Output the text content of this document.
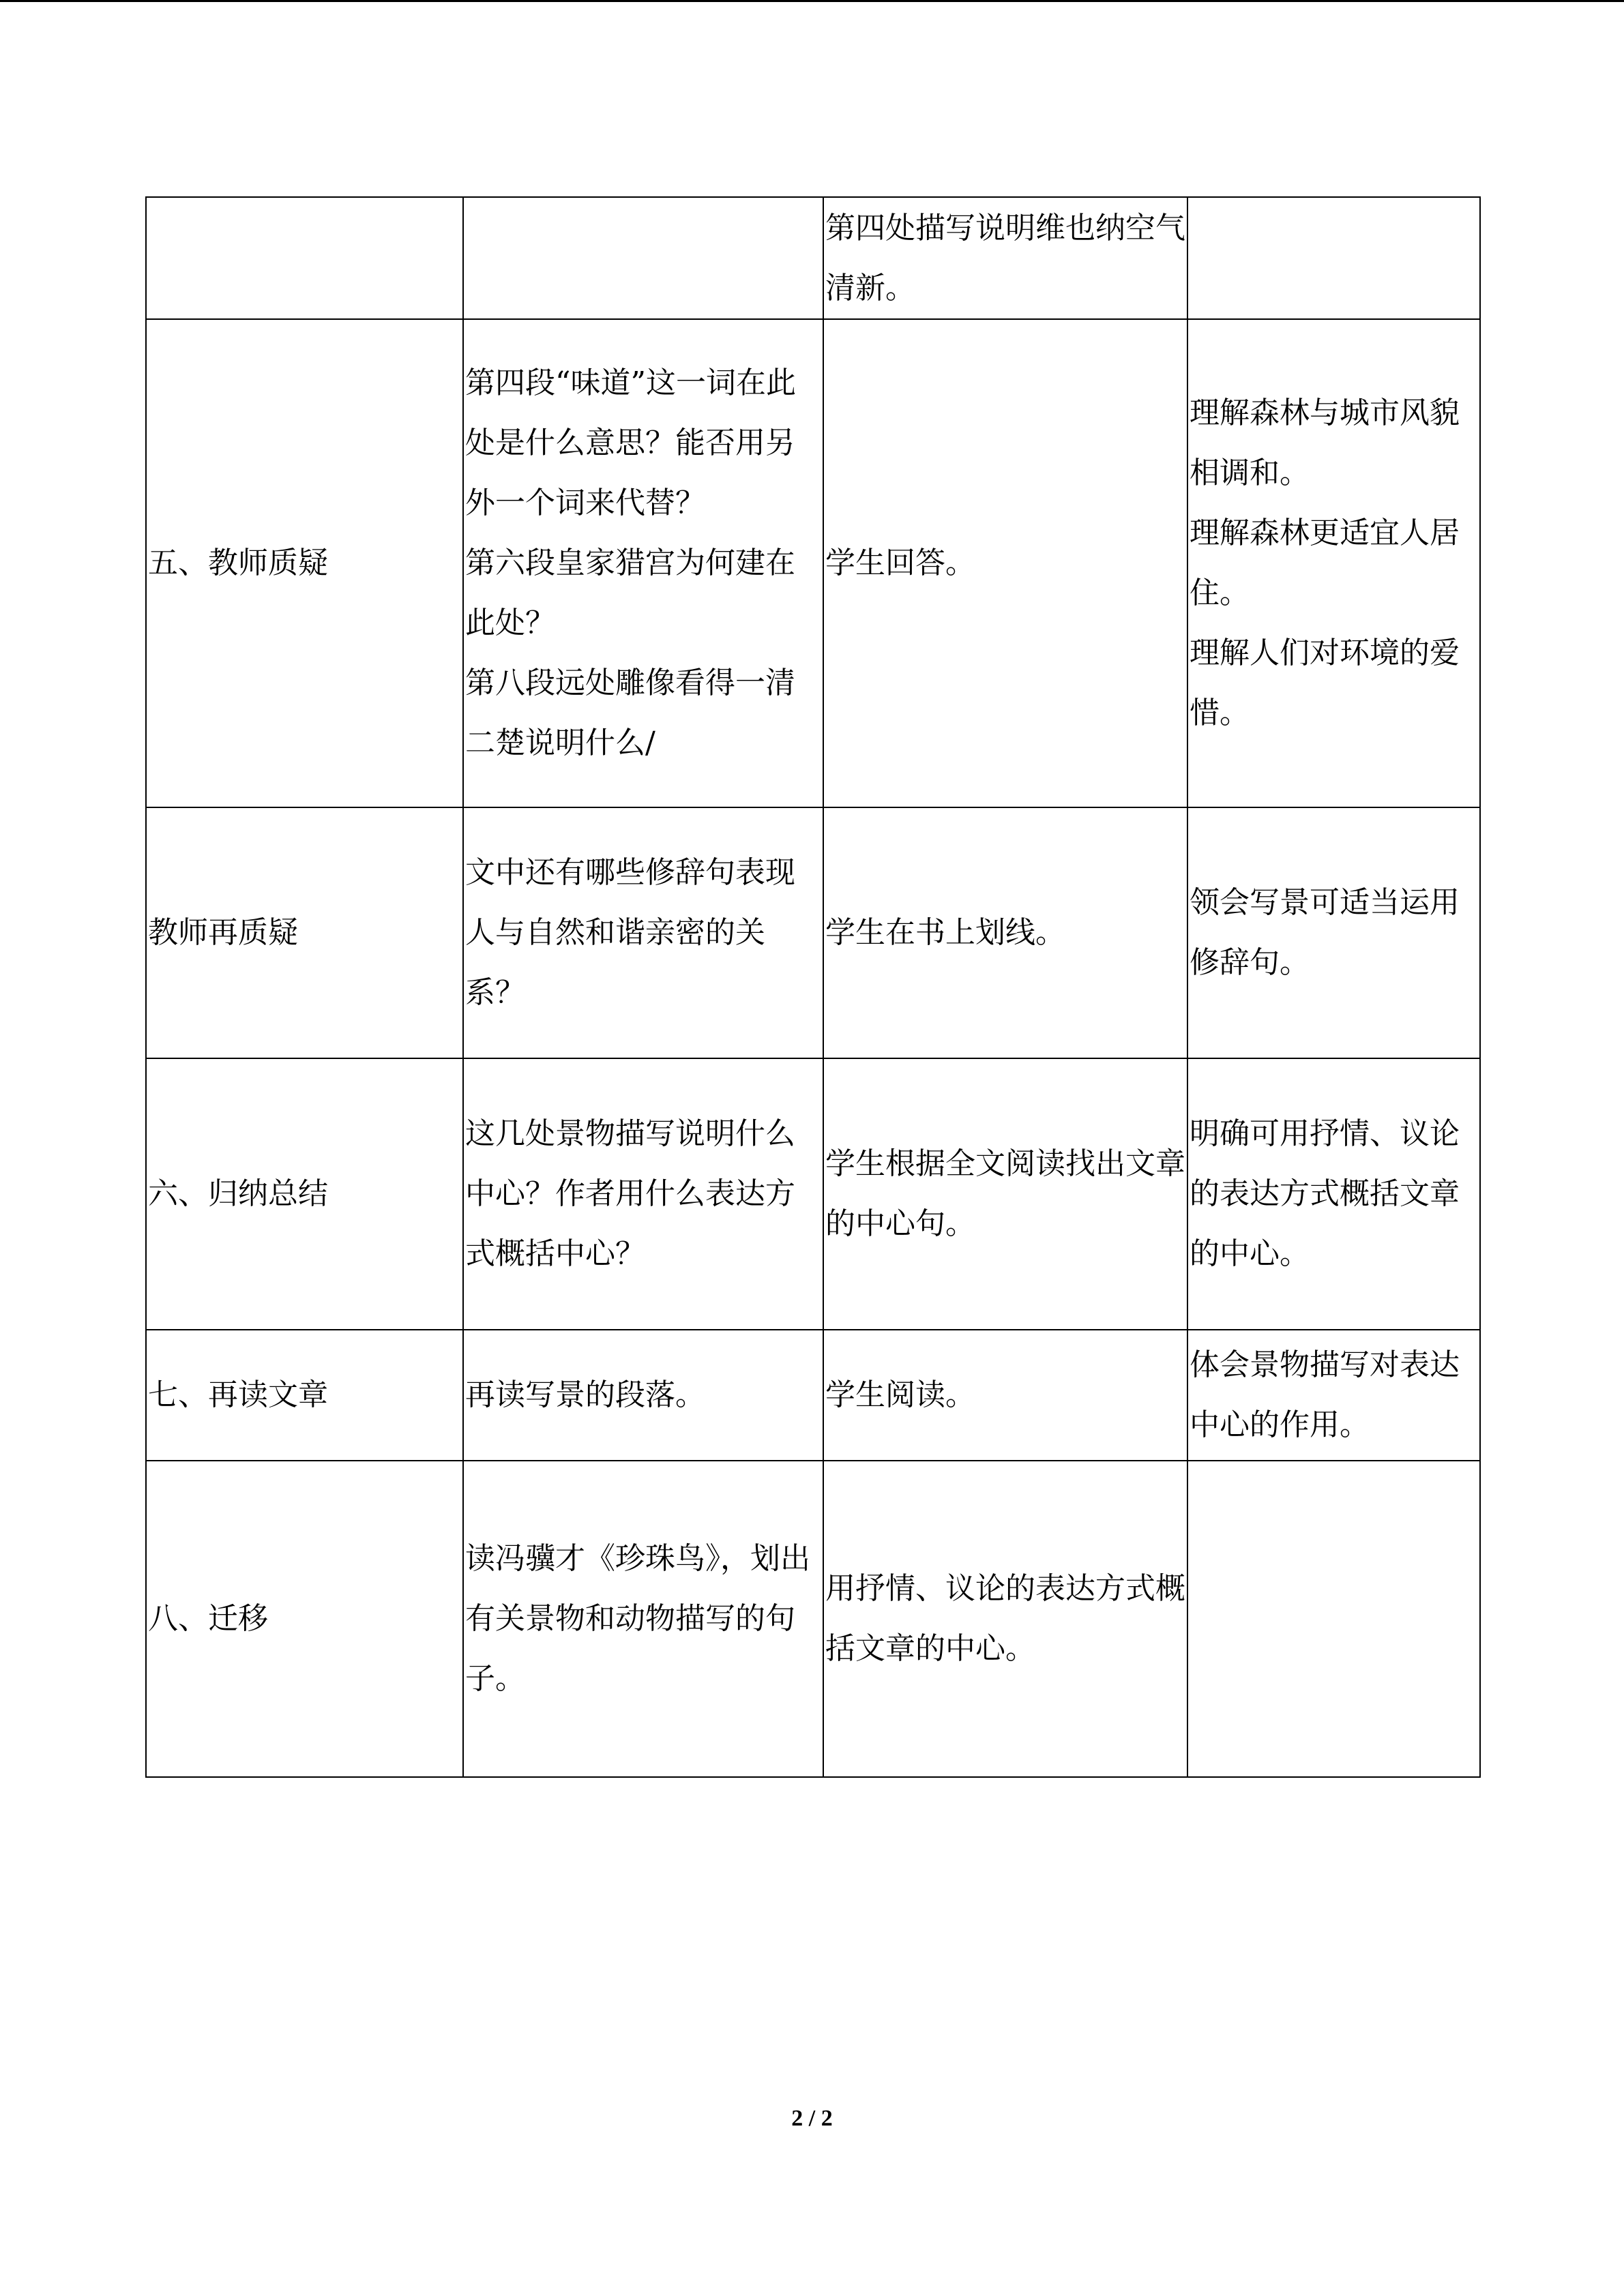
		第四处描写说明维也纳空气清新。	

五、教师质疑	第四段“味道”这一词在此处是什么意思？能否用另外一个词来代替？
第六段皇家猎宫为何建在此处？
第八段远处雕像看得一清二楚说明什么/	学生回答。	理解森林与城市风貌相调和。
理解森林更适宜人居住。
理解人们对环境的爱惜。

教师再质疑	文中还有哪些修辞句表现人与自然和谐亲密的关系？	学生在书上划线。	领会写景可适当运用修辞句。

六、归纳总结	这几处景物描写说明什么中心？作者用什么表达方式概括中心？	学生根据全文阅读找出文章的中心句。	明确可用抒情、议论的表达方式概括文章的中心。

七、再读文章	再读写景的段落。	学生阅读。	体会景物描写对表达中心的作用。

八、迁移	读冯骥才《珍珠鸟》，划出有关景物和动物描写的句子。	用抒情、议论的表达方式概括文章的中心。	

2 / 2
